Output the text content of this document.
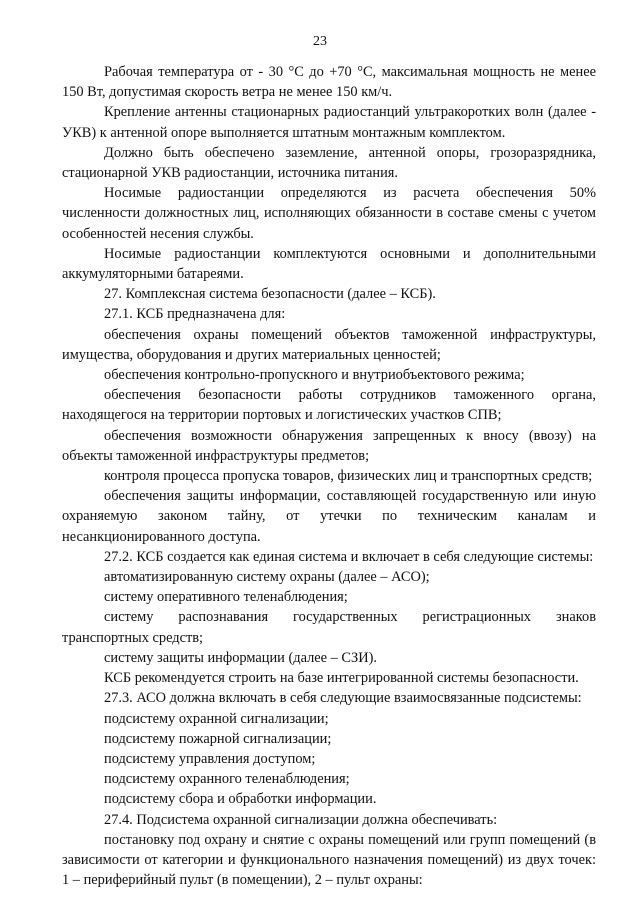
23

Рабочая температура от - 30 °С до +70 °С, максимальная мощность не менее 150 Вт, допустимая скорость ветра не менее 150 км/ч.

Крепление антенны стационарных радиостанций ультракоротких волн (далее - УКВ) к антенной опоре выполняется штатным монтажным комплектом.

Должно быть обеспечено заземление, антенной опоры, грозоразрядника, стационарной УКВ радиостанции, источника питания.

Носимые радиостанции определяются из расчета обеспечения 50% численности должностных лиц, исполняющих обязанности в составе смены с учетом особенностей несения службы.

Носимые радиостанции комплектуются основными и дополнительными аккумуляторными батареями.

27. Комплексная система безопасности (далее – КСБ).

27.1. КСБ предназначена для:

обеспечения охраны помещений объектов таможенной инфраструктуры, имущества, оборудования и других материальных ценностей;

обеспечения контрольно-пропускного и внутриобъектового режима;

обеспечения безопасности работы сотрудников таможенного органа, находящегося на территории портовых и логистических участков СПВ;

обеспечения возможности обнаружения запрещенных к вносу (ввозу) на объекты таможенной инфраструктуры предметов;

контроля процесса пропуска товаров, физических лиц и транспортных средств;

обеспечения защиты информации, составляющей государственную или иную охраняемую законом тайну, от утечки по техническим каналам и несанкционированного доступа.

27.2. КСБ создается как единая система и включает в себя следующие системы:

автоматизированную систему охраны (далее – АСО);

систему оперативного теленаблюдения;

систему распознавания государственных регистрационных знаков транспортных средств;

систему защиты информации (далее – СЗИ).

КСБ рекомендуется строить на базе интегрированной системы безопасности.

27.3. АСО должна включать в себя следующие взаимосвязанные подсистемы:

подсистему охранной сигнализации;

подсистему пожарной сигнализации;

подсистему управления доступом;

подсистему охранного теленаблюдения;

подсистему сбора и обработки информации.

27.4. Подсистема охранной сигнализации должна обеспечивать:

постановку под охрану и снятие с охраны помещений или групп помещений (в зависимости от категории и функционального назначения помещений) из двух точек: 1 – периферийный пульт (в помещении), 2 – пульт охраны:
